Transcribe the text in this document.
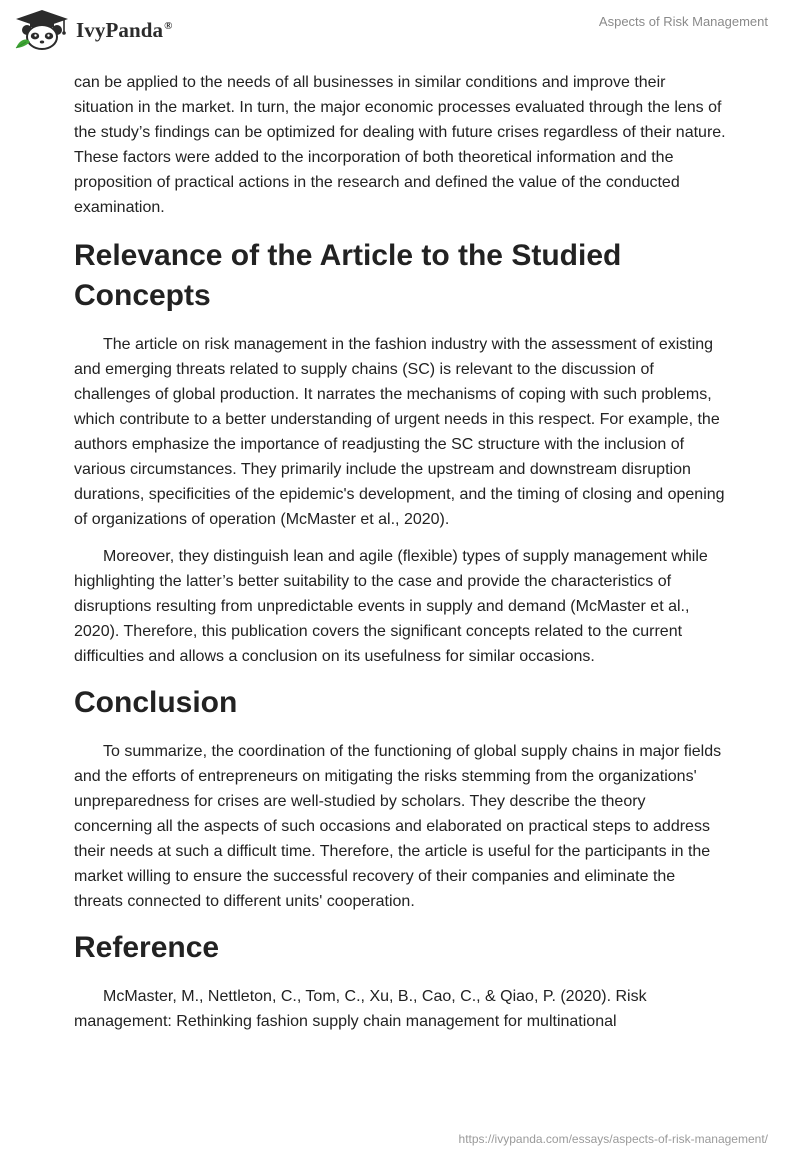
IvyPanda®	Aspects of Risk Management

can be applied to the needs of all businesses in similar conditions and improve their situation in the market. In turn, the major economic processes evaluated through the lens of the study’s findings can be optimized for dealing with future crises regardless of their nature. These factors were added to the incorporation of both theoretical information and the proposition of practical actions in the research and defined the value of the conducted examination.

Relevance of the Article to the Studied Concepts

The article on risk management in the fashion industry with the assessment of existing and emerging threats related to supply chains (SC) is relevant to the discussion of challenges of global production. It narrates the mechanisms of coping with such problems, which contribute to a better understanding of urgent needs in this respect. For example, the authors emphasize the importance of readjusting the SC structure with the inclusion of various circumstances. They primarily include the upstream and downstream disruption durations, specificities of the epidemic's development, and the timing of closing and opening of organizations of operation (McMaster et al., 2020).

Moreover, they distinguish lean and agile (flexible) types of supply management while highlighting the latter’s better suitability to the case and provide the characteristics of disruptions resulting from unpredictable events in supply and demand (McMaster et al., 2020). Therefore, this publication covers the significant concepts related to the current difficulties and allows a conclusion on its usefulness for similar occasions.

Conclusion

To summarize, the coordination of the functioning of global supply chains in major fields and the efforts of entrepreneurs on mitigating the risks stemming from the organizations' unpreparedness for crises are well-studied by scholars. They describe the theory concerning all the aspects of such occasions and elaborated on practical steps to address their needs at such a difficult time. Therefore, the article is useful for the participants in the market willing to ensure the successful recovery of their companies and eliminate the threats connected to different units' cooperation.

Reference

McMaster, M., Nettleton, C., Tom, C., Xu, B., Cao, C., & Qiao, P. (2020). Risk management: Rethinking fashion supply chain management for multinational

https://ivypanda.com/essays/aspects-of-risk-management/
